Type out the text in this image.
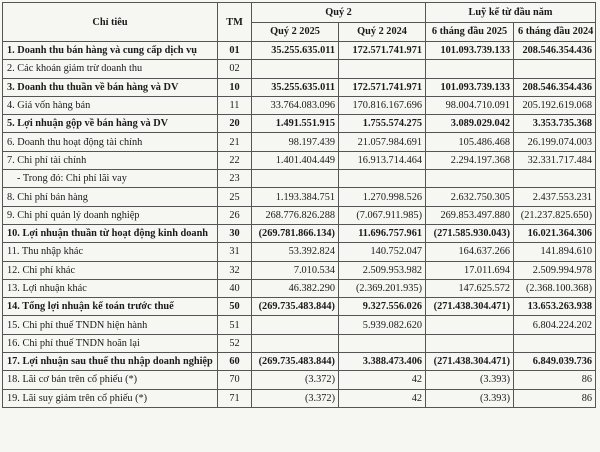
Chỉ tiêu	TM	Quý 2		Luỹ kế từ đầu năm	
		Quý 2 2025	Quý 2 2024	6 tháng đầu 2025	6 tháng đầu 2024
1. Doanh thu bán hàng và cung cấp dịch vụ	01	35.255.635.011	172.571.741.971	101.093.739.133	208.546.354.436
2. Các khoản giảm trừ doanh thu	02				
3. Doanh thu thuần về bán hàng và DV	10	35.255.635.011	172.571.741.971	101.093.739.133	208.546.354.436
4. Giá vốn hàng bán	11	33.764.083.096	170.816.167.696	98.004.710.091	205.192.619.068
5. Lợi nhuận gộp về bán hàng và DV	20	1.491.551.915	1.755.574.275	3.089.029.042	3.353.735.368
6. Doanh thu hoạt động tài chính	21	98.197.439	21.057.984.691	105.486.468	26.199.074.003
7. Chi phí tài chính	22	1.401.404.449	16.913.714.464	2.294.197.368	32.331.717.484
- Trong đó: Chi phí lãi vay	23				
8. Chi phí bán hàng	25	1.193.384.751	1.270.998.526	2.632.750.305	2.437.553.231
9. Chi phí quản lý doanh nghiệp	26	268.776.826.288	(7.067.911.985)	269.853.497.880	(21.237.825.650)
10. Lợi nhuận thuần từ hoạt động kinh doanh	30	(269.781.866.134)	11.696.757.961	(271.585.930.043)	16.021.364.306
11. Thu nhập khác	31	53.392.824	140.752.047	164.637.266	141.894.610
12. Chi phí khác	32	7.010.534	2.509.953.982	17.011.694	2.509.994.978
13. Lợi nhuận khác	40	46.382.290	(2.369.201.935)	147.625.572	(2.368.100.368)
14. Tổng lợi nhuận kế toán trước thuế	50	(269.735.483.844)	9.327.556.026	(271.438.304.471)	13.653.263.938
15. Chi phí thuế TNDN hiện hành	51		5.939.082.620		6.804.224.202
16. Chi phí thuế TNDN hoãn lại	52				
17. Lợi nhuận sau thuế thu nhập doanh nghiệp	60	(269.735.483.844)	3.388.473.406	(271.438.304.471)	6.849.039.736
18. Lãi cơ bản trên cổ phiếu (*)	70	(3.372)	42	(3.393)	86
19. Lãi suy giảm trên cổ phiếu (*)	71	(3.372)	42	(3.393)	86
